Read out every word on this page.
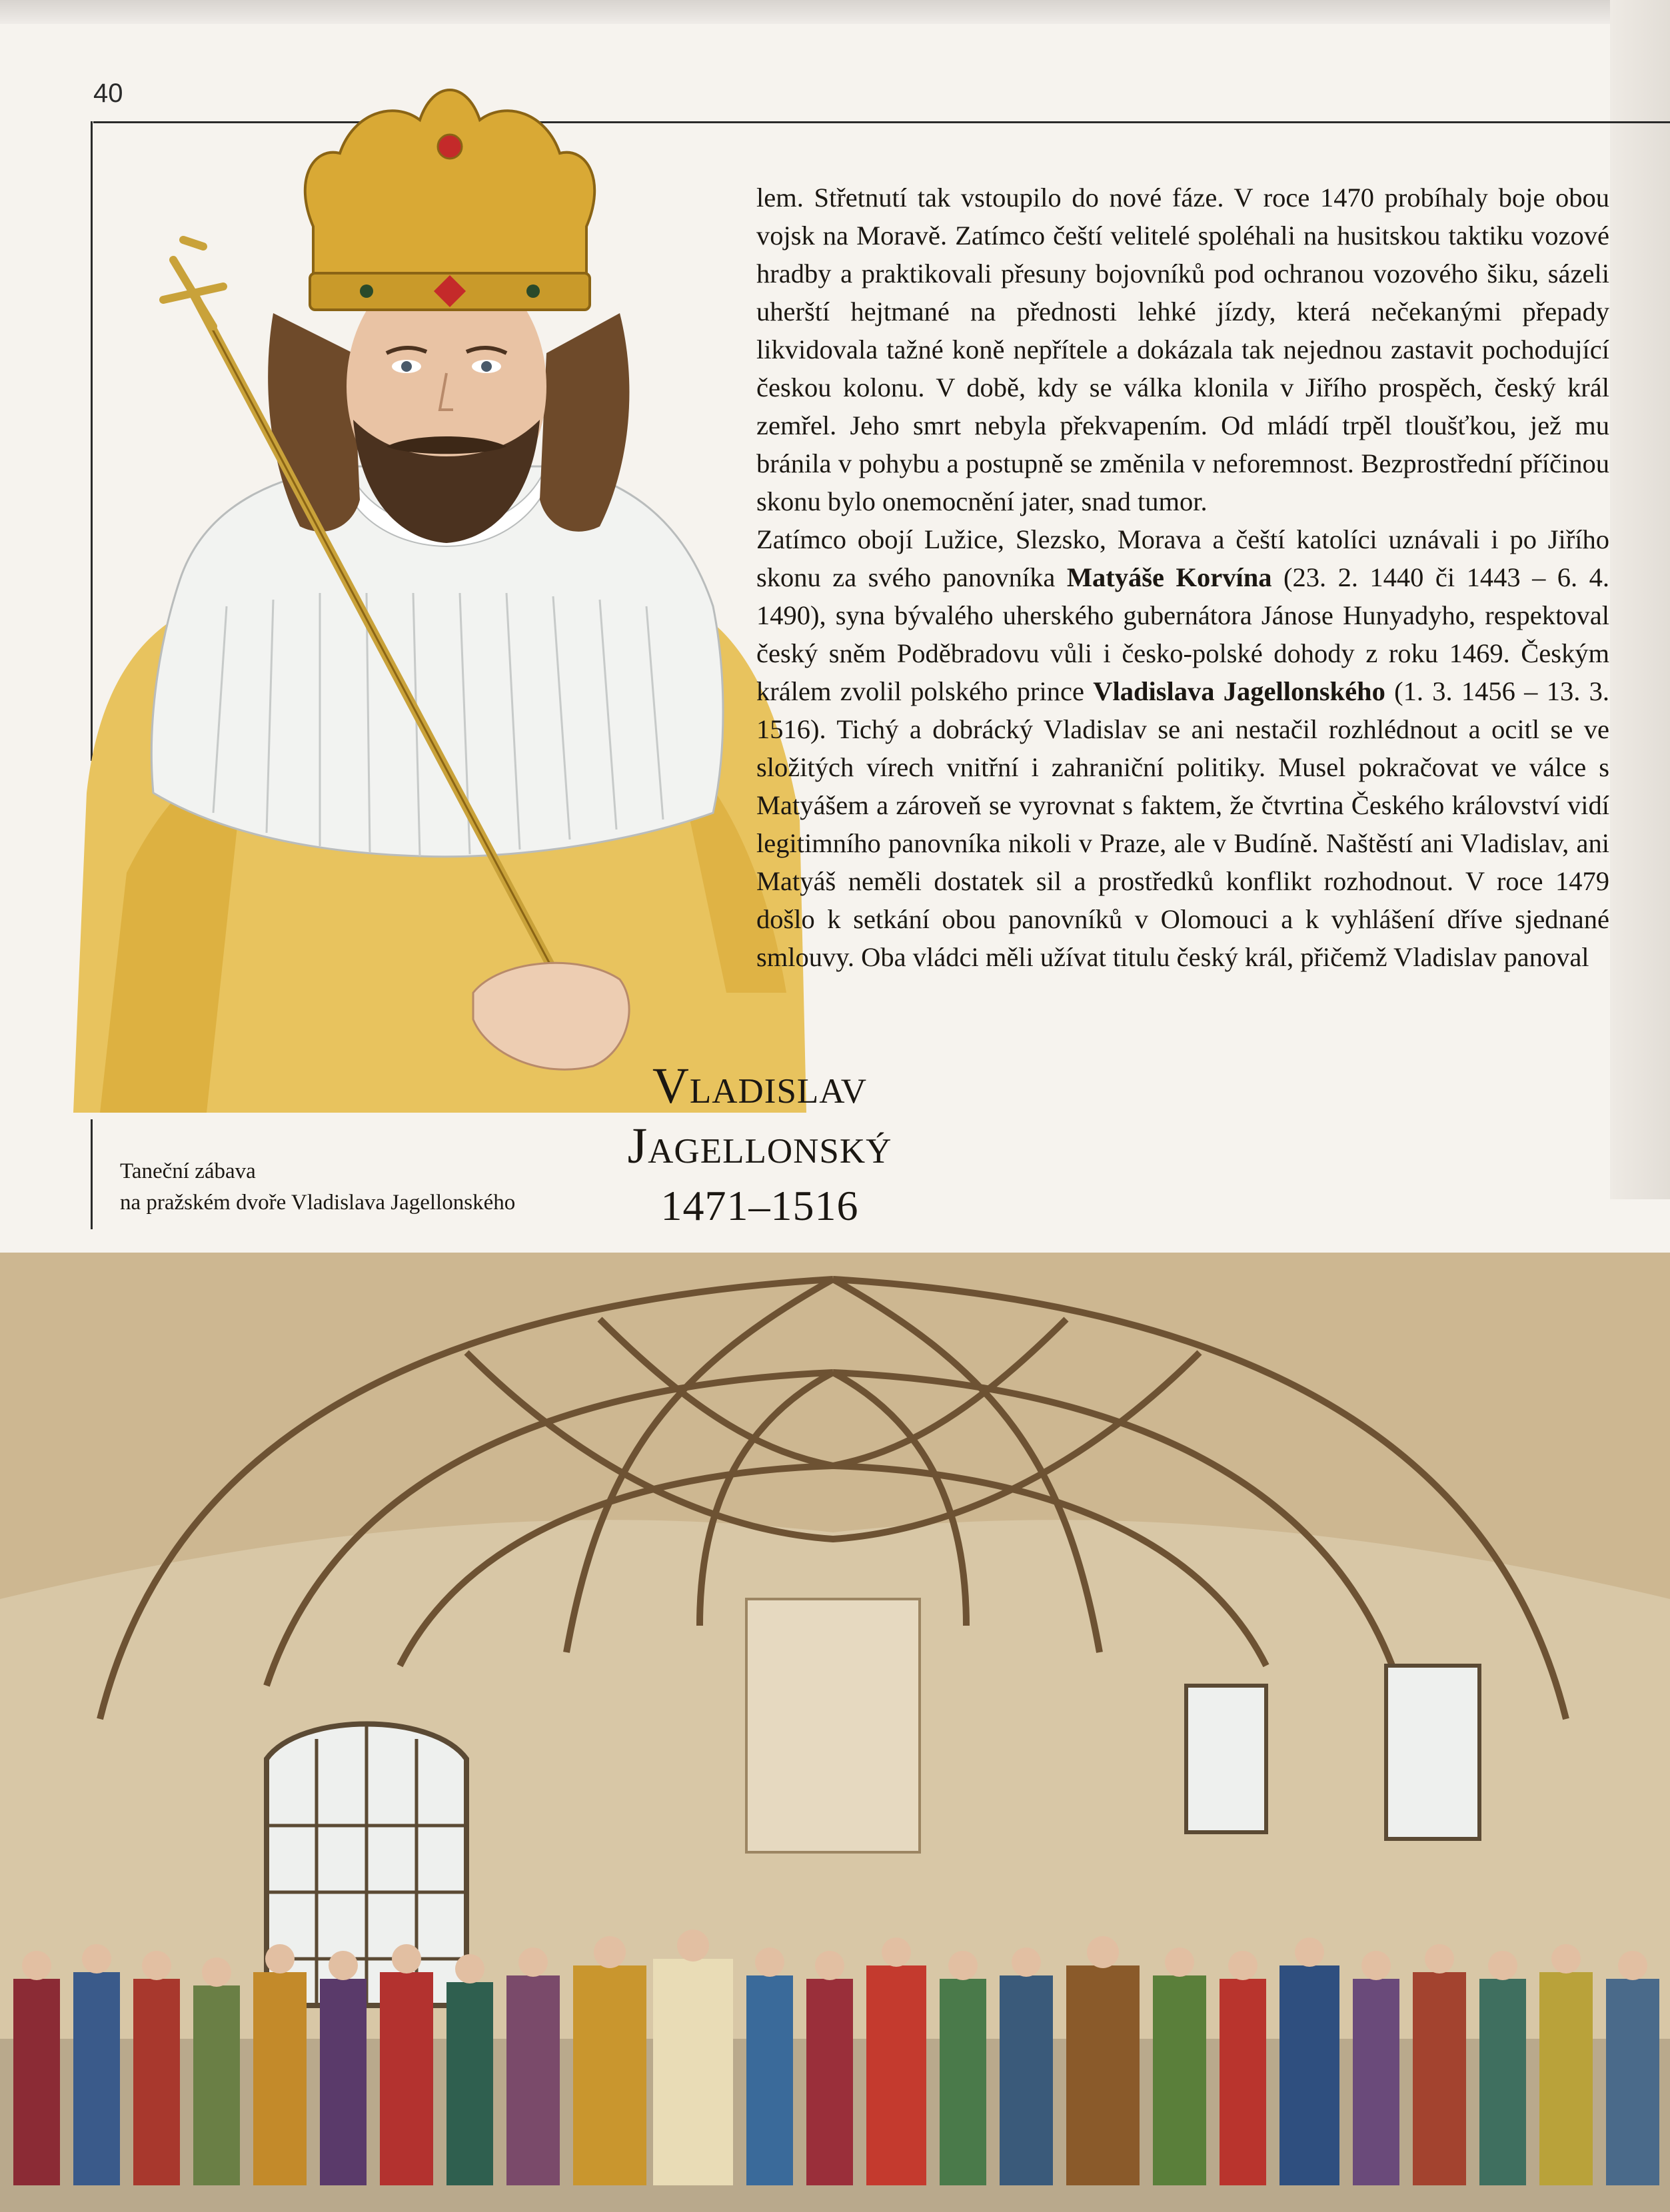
40

lem. Střetnutí tak vstoupilo do nové fáze. V roce 1470 probíhaly boje obou vojsk na Moravě. Zatímco čeští velitelé spoléhali na husitskou taktiku vozové hradby a praktikovali přesuny bojovníků pod ochranou vozového šiku, sázeli uherští hejtmané na přednosti lehké jízdy, která nečekanými přepady likvidovala tažné koně nepřítele a dokázala tak nejednou zastavit pochodující českou kolonu. V době, kdy se válka klonila v Jiřího prospěch, český král zemřel. Jeho smrt nebyla překvapením. Od mládí trpěl tloušťkou, jež mu bránila v pohybu a postupně se změnila v neforemnost. Bezprostřední příčinou skonu bylo onemocnění jater, snad tumor.

Zatímco obojí Lužice, Slezsko, Morava a čeští katolíci uznávali i po Jiřího skonu za svého panovníka Matyáše Korvína (23. 2. 1440 či 1443 – 6. 4. 1490), syna bývalého uherského gubernátora Jánose Hunyadyho, respektoval český sněm Poděbradovu vůli i česko-polské dohody z roku 1469. Českým králem zvolil polského prince Vladislava Jagellonského (1. 3. 1456 – 13. 3. 1516). Tichý a dobrácký Vladislav se ani nestačil rozhlédnout a ocitl se ve složitých vírech vnitřní i zahraniční politiky. Musel pokračovat ve válce s Matyášem a zároveň se vyrovnat s faktem, že čtvrtina Českého království vidí legitimního panovníka nikoli v Praze, ale v Budíně. Naštěstí ani Vladislav, ani Matyáš neměli dostatek sil a prostředků konflikt rozhodnout. V roce 1479 došlo k setkání obou panovníků v Olomouci a k vyhlášení dříve sjednané smlouvy. Oba vládci měli užívat titulu český král, přičemž Vladislav panoval

Vladislav
Jagellonský
1471–1516
Taneční zábava
na pražském dvoře Vladislava Jagellonského
